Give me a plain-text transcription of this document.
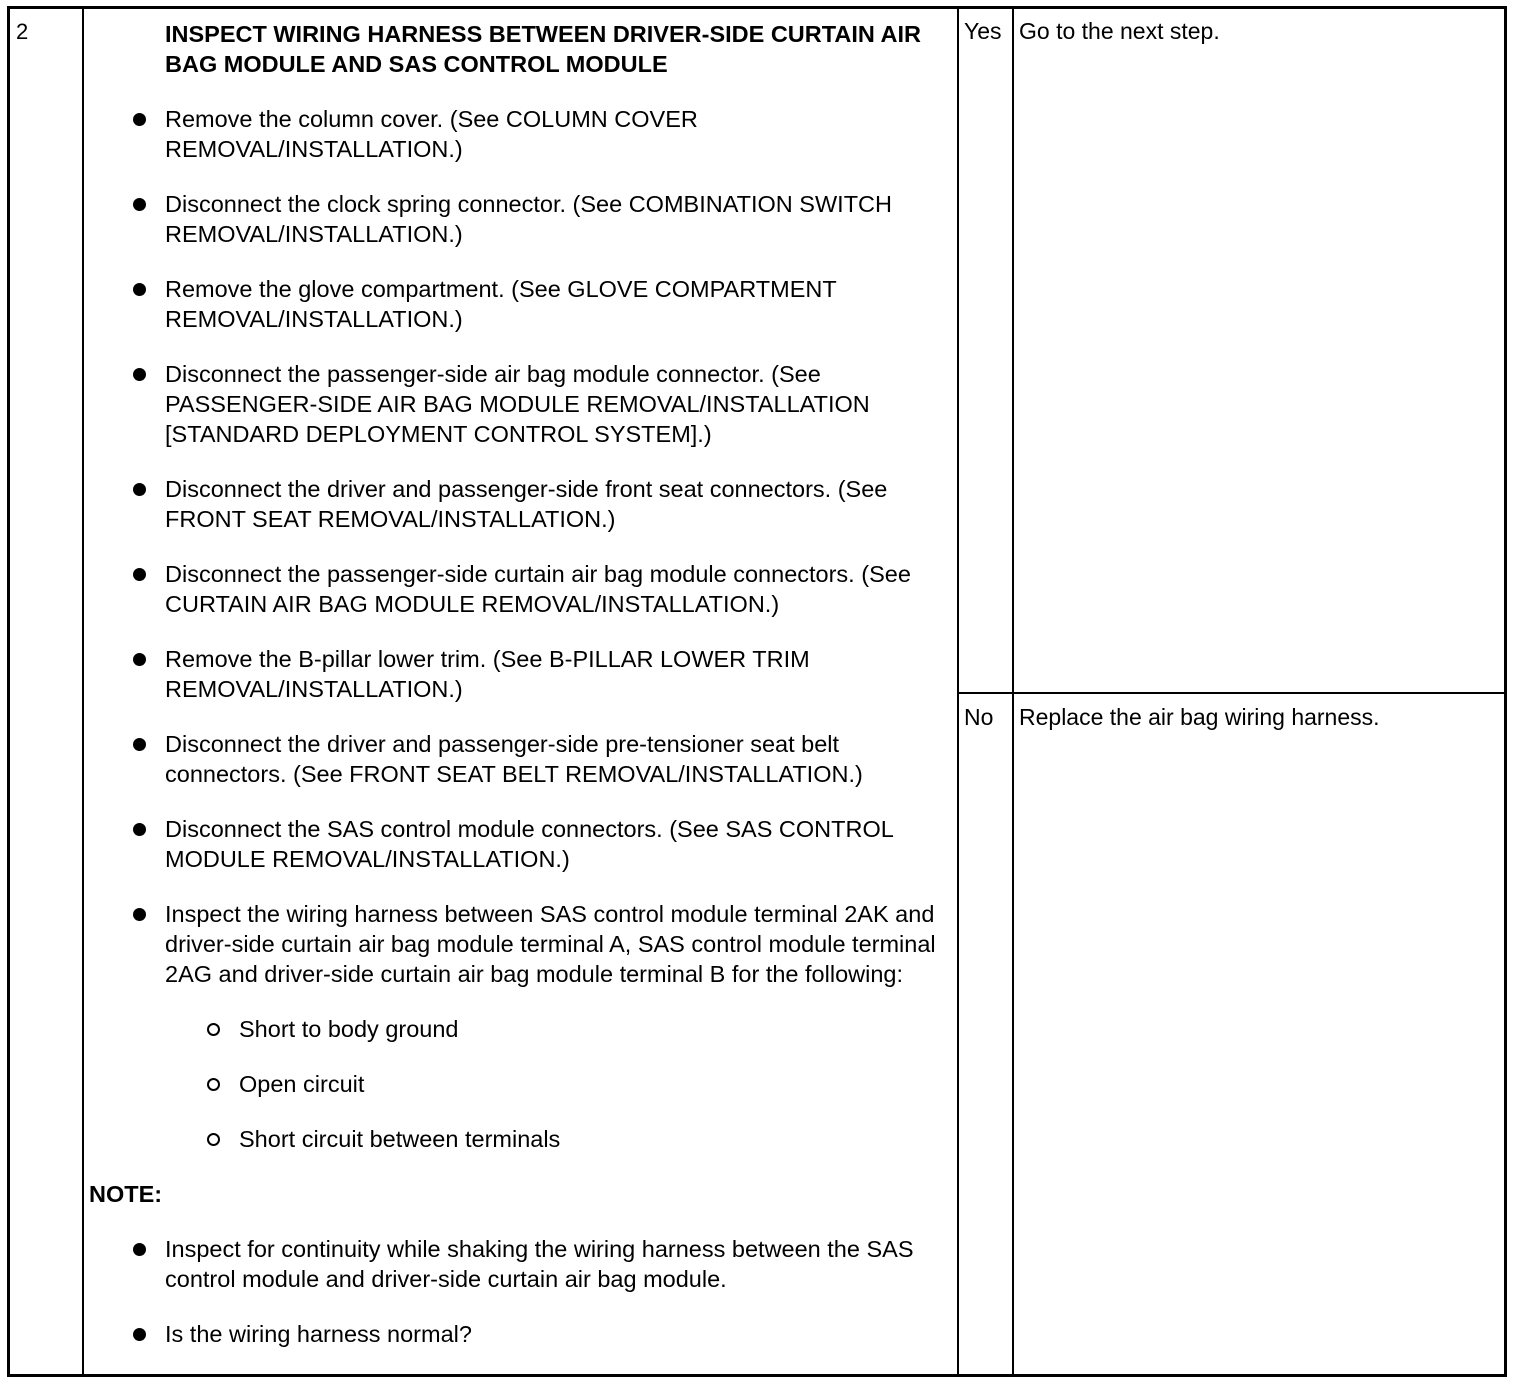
2	INSPECT WIRING HARNESS BETWEEN DRIVER-SIDE CURTAIN AIR BAG MODULE AND SAS CONTROL MODULE
Remove the column cover. (See COLUMN COVER REMOVAL/INSTALLATION.)
Disconnect the clock spring connector. (See COMBINATION SWITCH REMOVAL/INSTALLATION.)
Remove the glove compartment. (See GLOVE COMPARTMENT REMOVAL/INSTALLATION.)
Disconnect the passenger-side air bag module connector. (See PASSENGER-SIDE AIR BAG MODULE REMOVAL/INSTALLATION [STANDARD DEPLOYMENT CONTROL SYSTEM].)
Disconnect the driver and passenger-side front seat connectors. (See FRONT SEAT REMOVAL/INSTALLATION.)
Disconnect the passenger-side curtain air bag module connectors. (See CURTAIN AIR BAG MODULE REMOVAL/INSTALLATION.)
Remove the B-pillar lower trim. (See B-PILLAR LOWER TRIM REMOVAL/INSTALLATION.)
Disconnect the driver and passenger-side pre-tensioner seat belt connectors. (See FRONT SEAT BELT REMOVAL/INSTALLATION.)
Disconnect the SAS control module connectors. (See SAS CONTROL MODULE REMOVAL/INSTALLATION.)
Inspect the wiring harness between SAS control module terminal 2AK and driver-side curtain air bag module terminal A, SAS control module terminal 2AG and driver-side curtain air bag module terminal B for the following:
Short to body ground
Open circuit
Short circuit between terminals
NOTE:
Inspect for continuity while shaking the wiring harness between the SAS control module and driver-side curtain air bag module.
Is the wiring harness normal?
Yes Go to the next step.
No Replace the air bag wiring harness.
